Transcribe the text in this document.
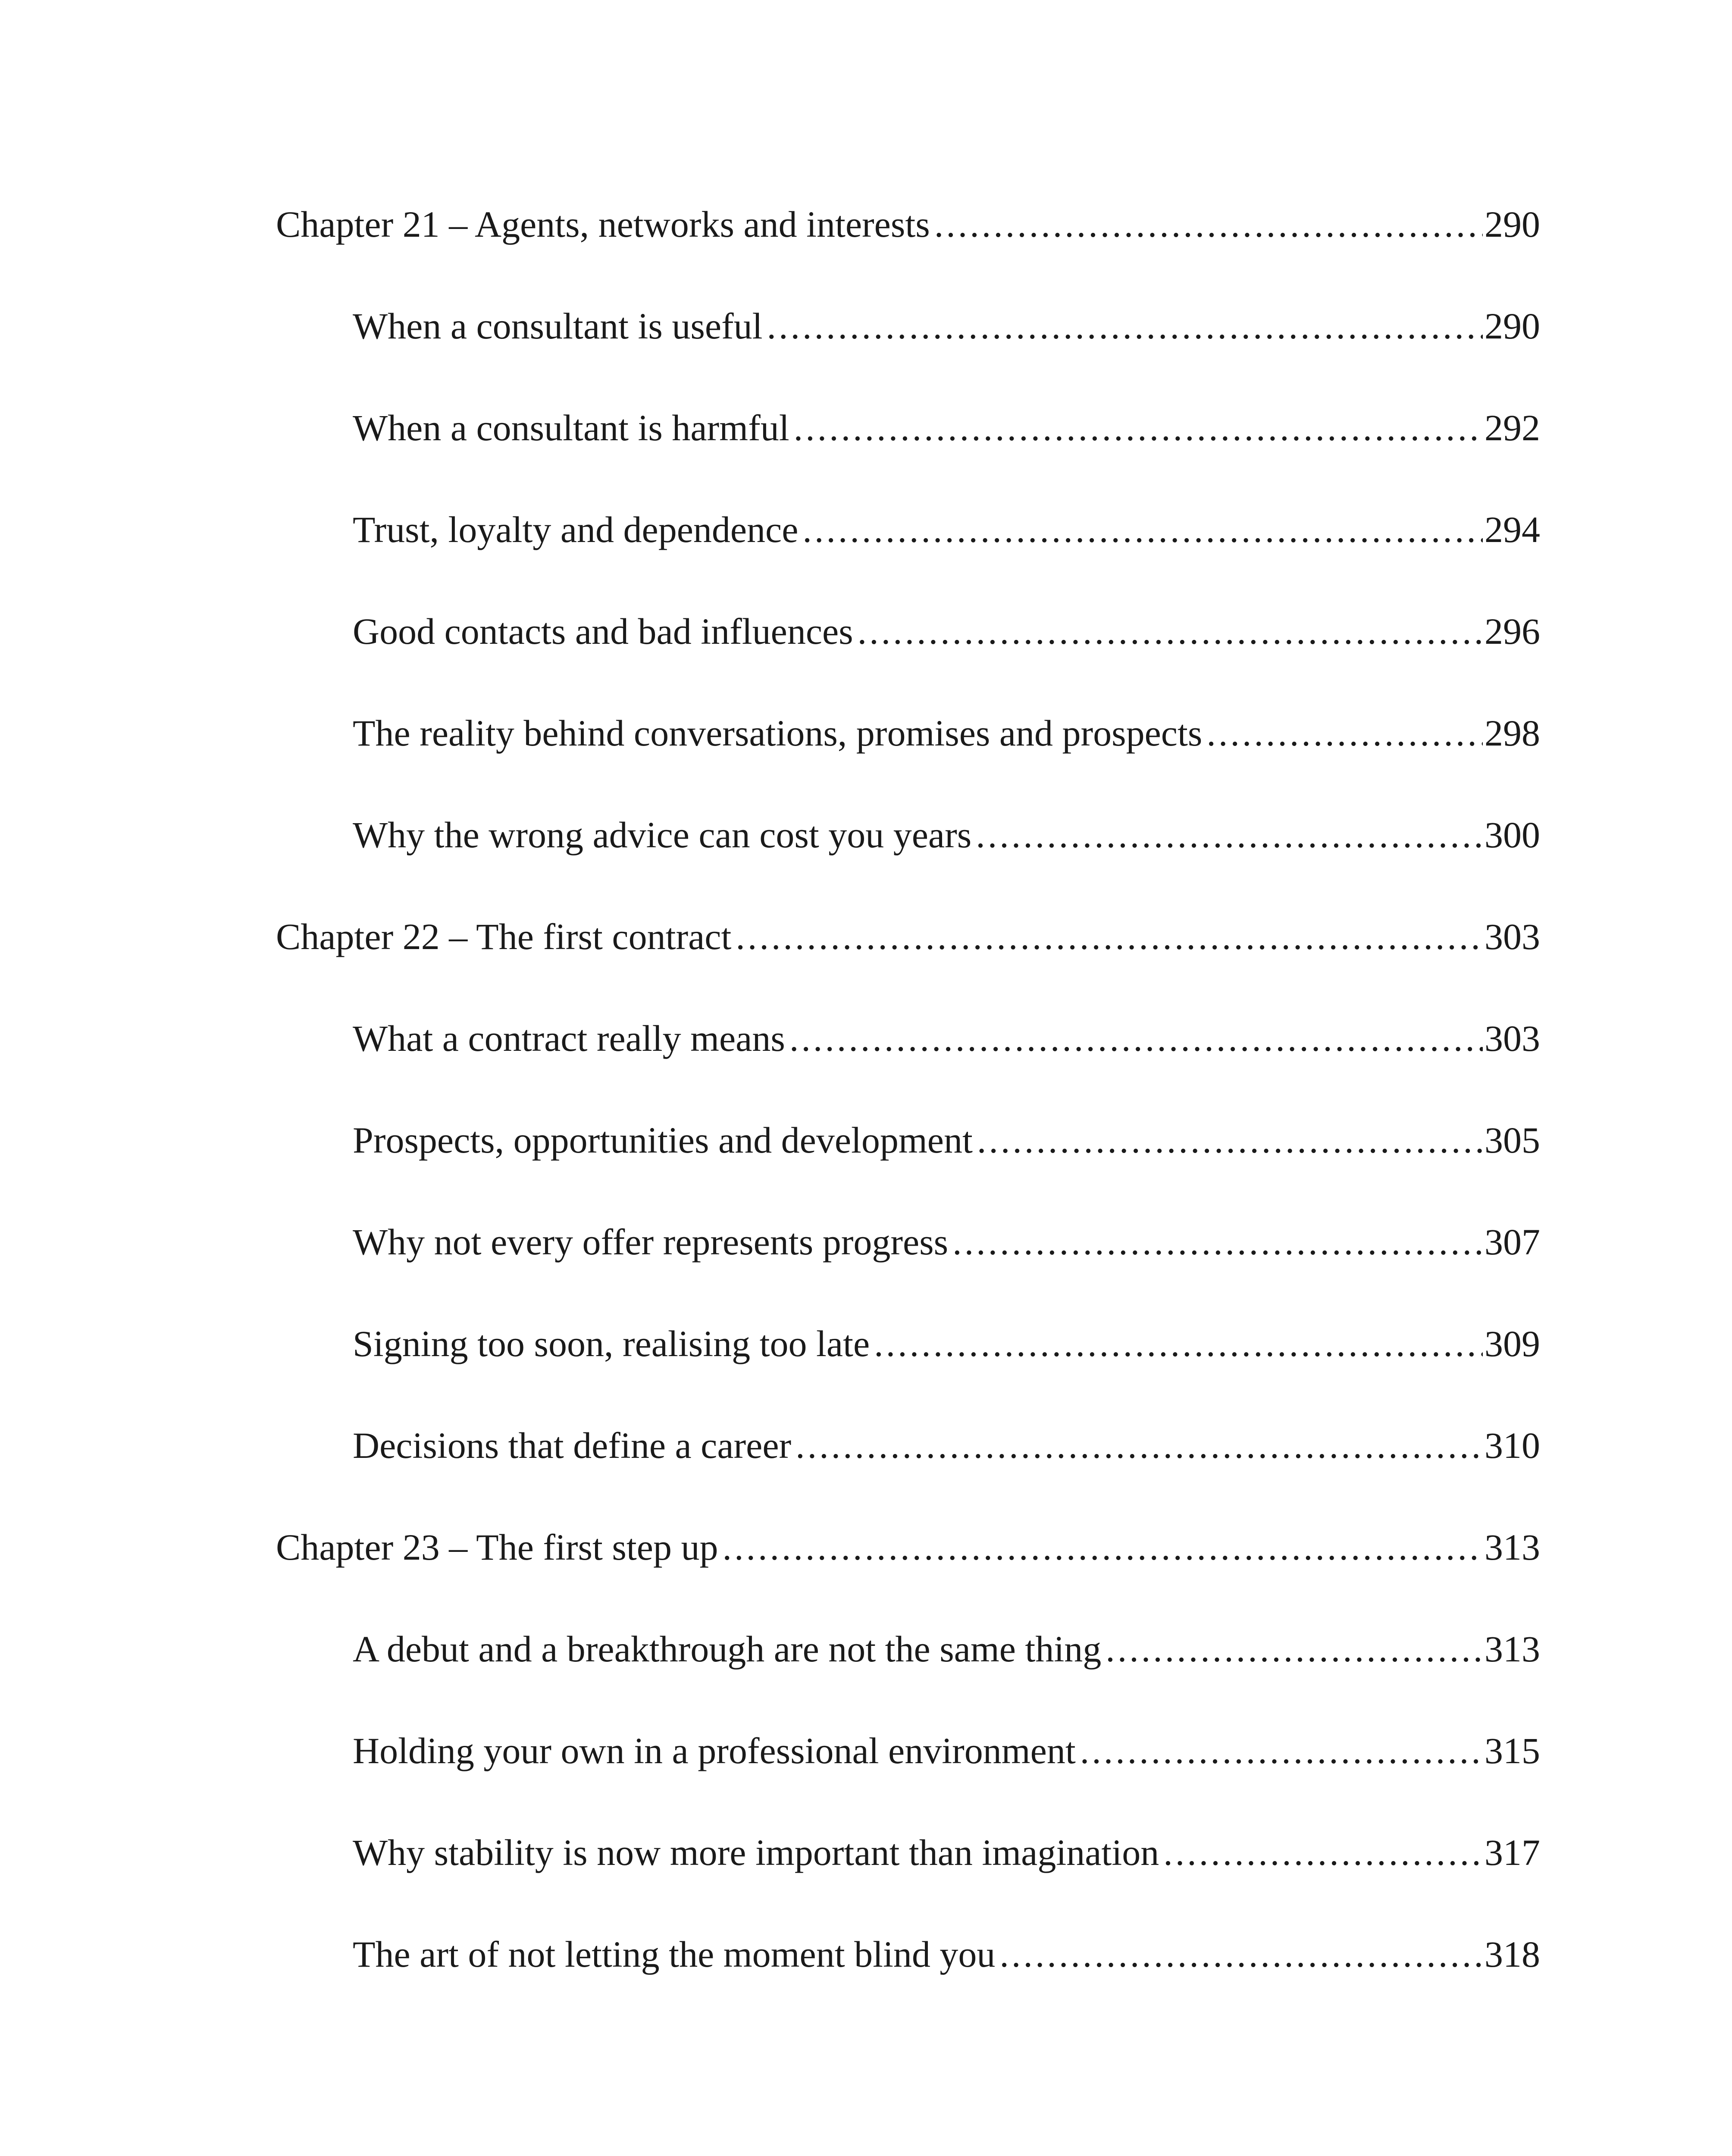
Chapter 21 – Agents, networks and interests .....	290
When a consultant is useful .....	290
When a consultant is harmful .....	292
Trust, loyalty and dependence .....	294
Good contacts and bad influences .....	296
The reality behind conversations, promises and prospects .....	298
Why the wrong advice can cost you years .....	300
Chapter 22 – The first contract .....	303
What a contract really means .....	303
Prospects, opportunities and development .....	305
Why not every offer represents progress .....	307
Signing too soon, realising too late .....	309
Decisions that define a career .....	310
Chapter 23 – The first step up .....	313
A debut and a breakthrough are not the same thing .....	313
Holding your own in a professional environment .....	315
Why stability is now more important than imagination .....	317
The art of not letting the moment blind you .....	318
